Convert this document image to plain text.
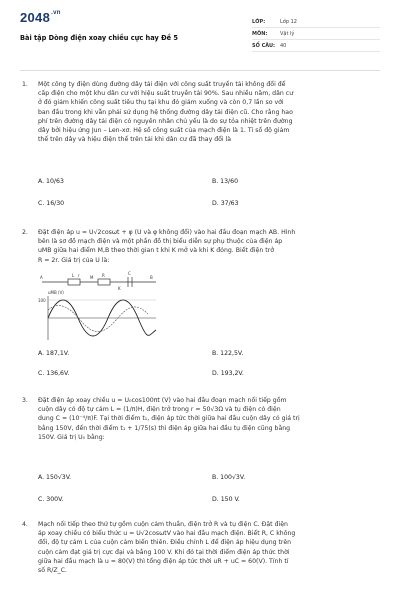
$2048^{.vn}$
Bài tập Dòng điện xoay chiều cực hay Đề 5
LỚP:	Lớp 12
MÔN:	Vật lý
SỐ CÂU: 40
1. Một công ty điện dùng đường dây tải điện với công suất truyền tải không đổi để
cấp điện cho một khu dân cư với hiệu suất truyền tải 90%. Sau nhiều năm, dân cư
ở đó giảm khiến công suất tiêu thụ tại khu đó giảm xuống và còn 0,7 lần so với
ban đầu trong khi vẫn phải sử dụng hệ thống đường dây tải điện cũ. Cho rằng hao
phí trên đường dây tải điện có nguyên nhân chủ yếu là do sự tỏa nhiệt trên đường
dây bởi hiệu ứng Jun – Len-xơ. Hệ số công suất của mạch điện là 1. Tỉ số độ giảm
thế trên dây và hiệu điện thế trên tải khi dân cư đã thay đổi là
A. 10/63	B. 13/60
C. 16/30	D. 37/63
2. Đặt điện áp u = U√2cosωt + φ (U và φ không đổi) vào hai đầu đoạn mạch AB. Hình
bên là sơ đồ mạch điện và một phần đồ thị biểu diễn sự phụ thuộc của điện áp
uMB giữa hai điểm M,B theo thời gian t khi K mở và khi K đóng. Biết điện trở
R = 2r. Giá trị của U là:
A	L r	M R	C
K
B
uMB (V)
100
A. 187,1V.	B. 122,5V.
C. 136,6V.	D. 193,2V.
3. Đặt điện áp xoay chiều u = U₀cos100πt (V) vào hai đầu đoạn mạch nối tiếp gồm
cuộn dây có độ tự cảm L = (1/π)H, điện trở trong r = 50√3Ω và tụ điện có điện
dung C = (10⁻⁴/π)F. Tại thời điểm t₁, điện áp tức thời giữa hai đầu cuộn dây có giá trị
bằng 150V, đến thời điểm t₁ + 1/75(s) thì điện áp giữa hai đầu tụ điện cũng bằng
150V. Giá trị U₀ bằng:
A. 150√3V.	B. 100√3V.
C. 300V.	D. 150 V.
4. Mạch nối tiếp theo thứ tự gồm cuộn cảm thuần, điện trở R và tụ điện C. Đặt điện
áp xoay chiều có biểu thức u = U√2cosωtV vào hai đầu mạch điện. Biết R, C không
đổi, độ tự cảm L của cuộn cảm biến thiên. Điều chỉnh L để điện áp hiệu dụng trên
cuộn cảm đạt giá trị cực đại và bằng 100 V. Khi đó tại thời điểm điện áp thức thời
giữa hai đầu mạch là u = 80(V) thì tổng điện áp tức thời uR + uC = 60(V). Tính tỉ
số R/Z_C.
